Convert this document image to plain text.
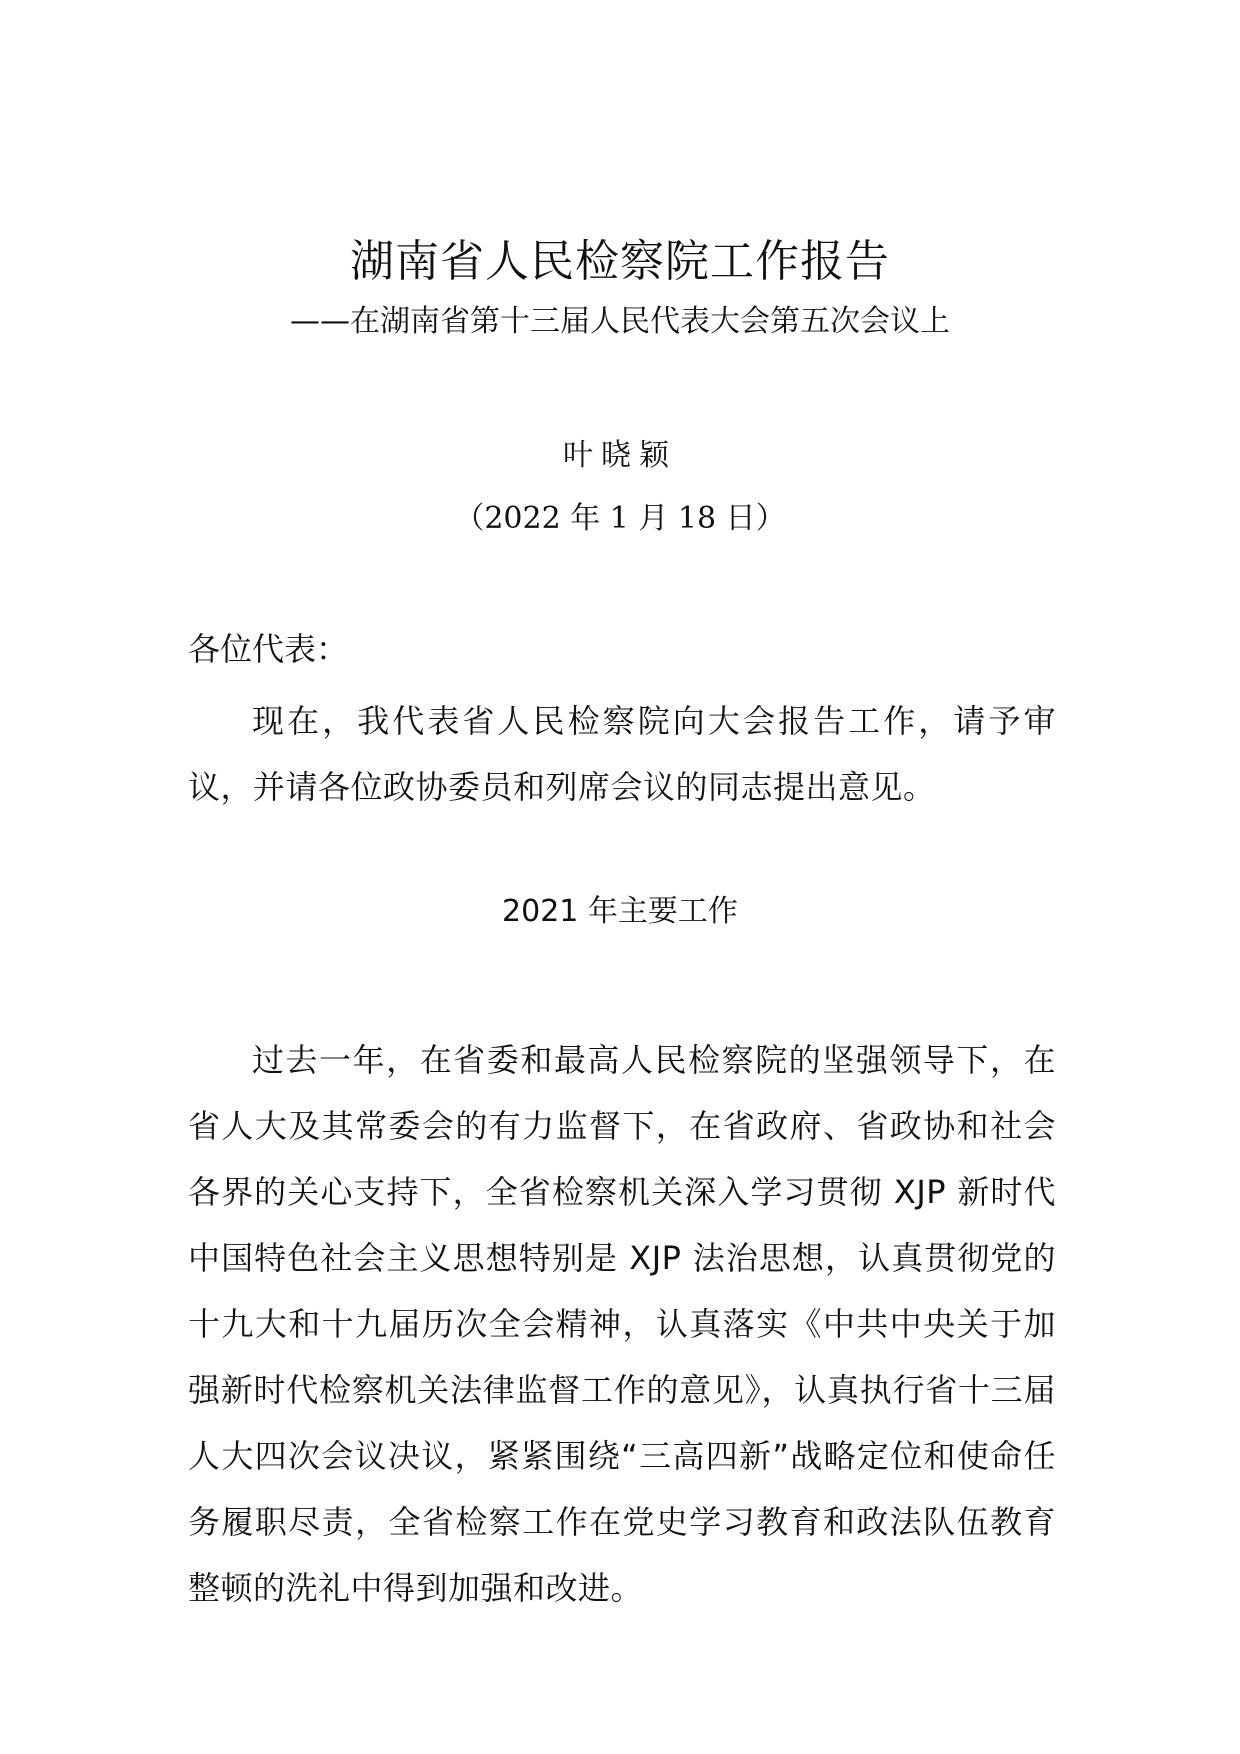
湖南省人民检察院工作报告
——在湖南省第十三届人民代表大会第五次会议上
叶晓颖
（2022 年 1 月 18 日）
各位代表：

现在，我代表省人民检察院向大会报告工作，请予审议，并请各位政协委员和列席会议的同志提出意见。

2021 年主要工作

过去一年，在省委和最高人民检察院的坚强领导下，在省人大及其常委会的有力监督下，在省政府、省政协和社会各界的关心支持下，全省检察机关深入学习贯彻 XJP 新时代中国特色社会主义思想特别是 XJP 法治思想，认真贯彻党的十九大和十九届历次全会精神，认真落实《中共中央关于加强新时代检察机关法律监督工作的意见》，认真执行省十三届人大四次会议决议，紧紧围绕“三高四新”战略定位和使命任务履职尽责，全省检察工作在党史学习教育和政法队伍教育整顿的洗礼中得到加强和改进。
